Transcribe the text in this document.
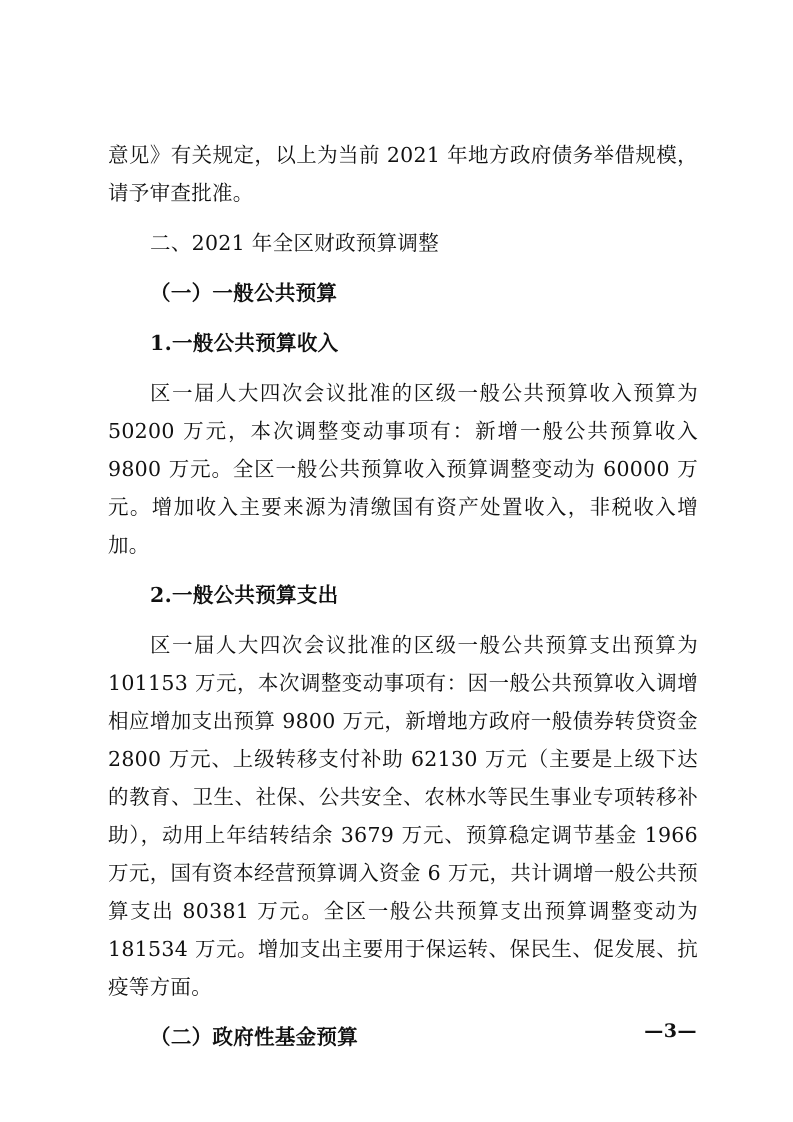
意见》有关规定，以上为当前 2021 年地方政府债务举借规模，请予审查批准。

二、2021 年全区财政预算调整

（一）一般公共预算

1.一般公共预算收入

区一届人大四次会议批准的区级一般公共预算收入预算为 50200 万元，本次调整变动事项有：新增一般公共预算收入 9800 万元。全区一般公共预算收入预算调整变动为 60000 万元。增加收入主要来源为清缴国有资产处置收入，非税收入增加。

2.一般公共预算支出

区一届人大四次会议批准的区级一般公共预算支出预算为 101153 万元，本次调整变动事项有：因一般公共预算收入调增相应增加支出预算 9800 万元，新增地方政府一般债券转贷资金 2800 万元、上级转移支付补助 62130 万元（主要是上级下达的教育、卫生、社保、公共安全、农林水等民生事业专项转移补助），动用上年结转结余 3679 万元、预算稳定调节基金 1966 万元，国有资本经营预算调入资金 6 万元，共计调增一般公共预算支出 80381 万元。全区一般公共预算支出预算调整变动为 181534 万元。增加支出主要用于保运转、保民生、促发展、抗疫等方面。

（二）政府性基金预算	—3—
